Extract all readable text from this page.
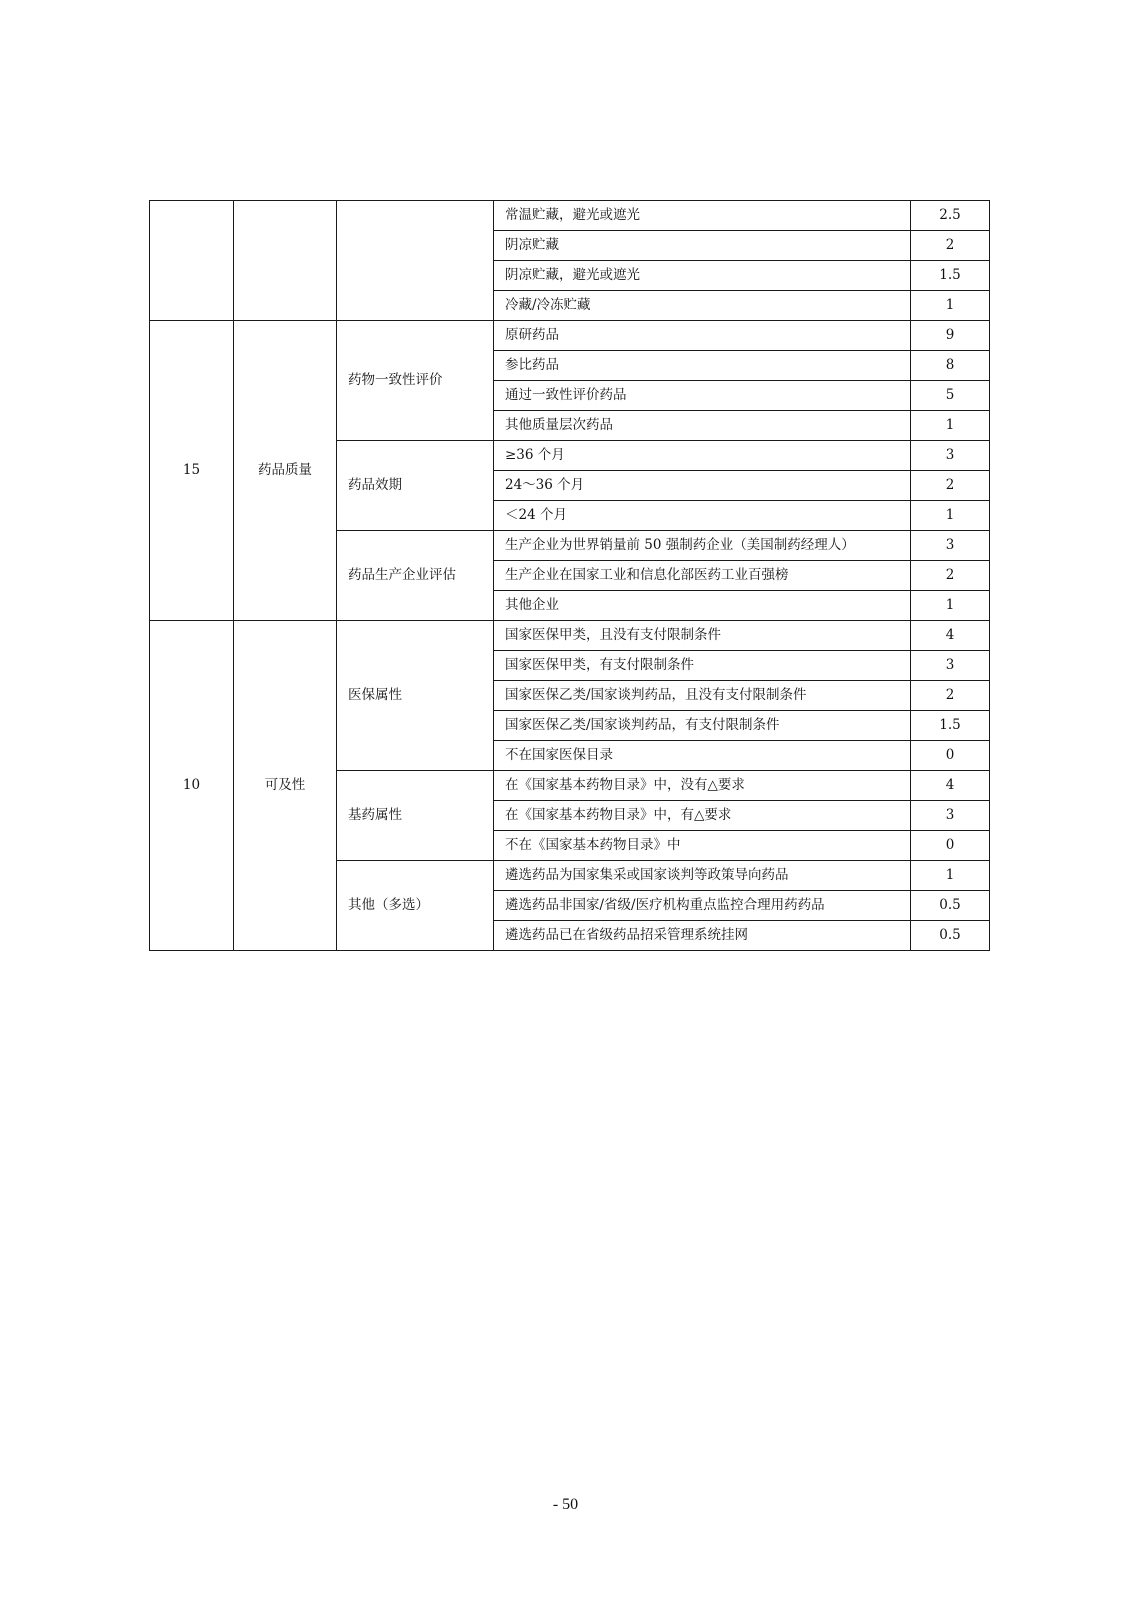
			常温贮藏，避光或遮光	2.5
			阴凉贮藏	2
			阴凉贮藏，避光或遮光	1.5
			冷藏/冷冻贮藏	1
15	药品质量	药物一致性评价	原研药品	9
			参比药品	8
			通过一致性评价药品	5
			其他质量层次药品	1
		药品效期	≥36 个月	3
			24～36 个月	2
			＜24 个月	1
		药品生产企业评估	生产企业为世界销量前 50 强制药企业（美国制药经理人）	3
			生产企业在国家工业和信息化部医药工业百强榜	2
			其他企业	1
10	可及性	医保属性	国家医保甲类，且没有支付限制条件	4
			国家医保甲类，有支付限制条件	3
			国家医保乙类/国家谈判药品，且没有支付限制条件	2
			国家医保乙类/国家谈判药品，有支付限制条件	1.5
			不在国家医保目录	0
		基药属性	在《国家基本药物目录》中，没有△要求	4
			在《国家基本药物目录》中，有△要求	3
			不在《国家基本药物目录》中	0
		其他（多选）	遴选药品为国家集采或国家谈判等政策导向药品	1
			遴选药品非国家/省级/医疗机构重点监控合理用药药品	0.5
			遴选药品已在省级药品招采管理系统挂网	0.5
- 50
